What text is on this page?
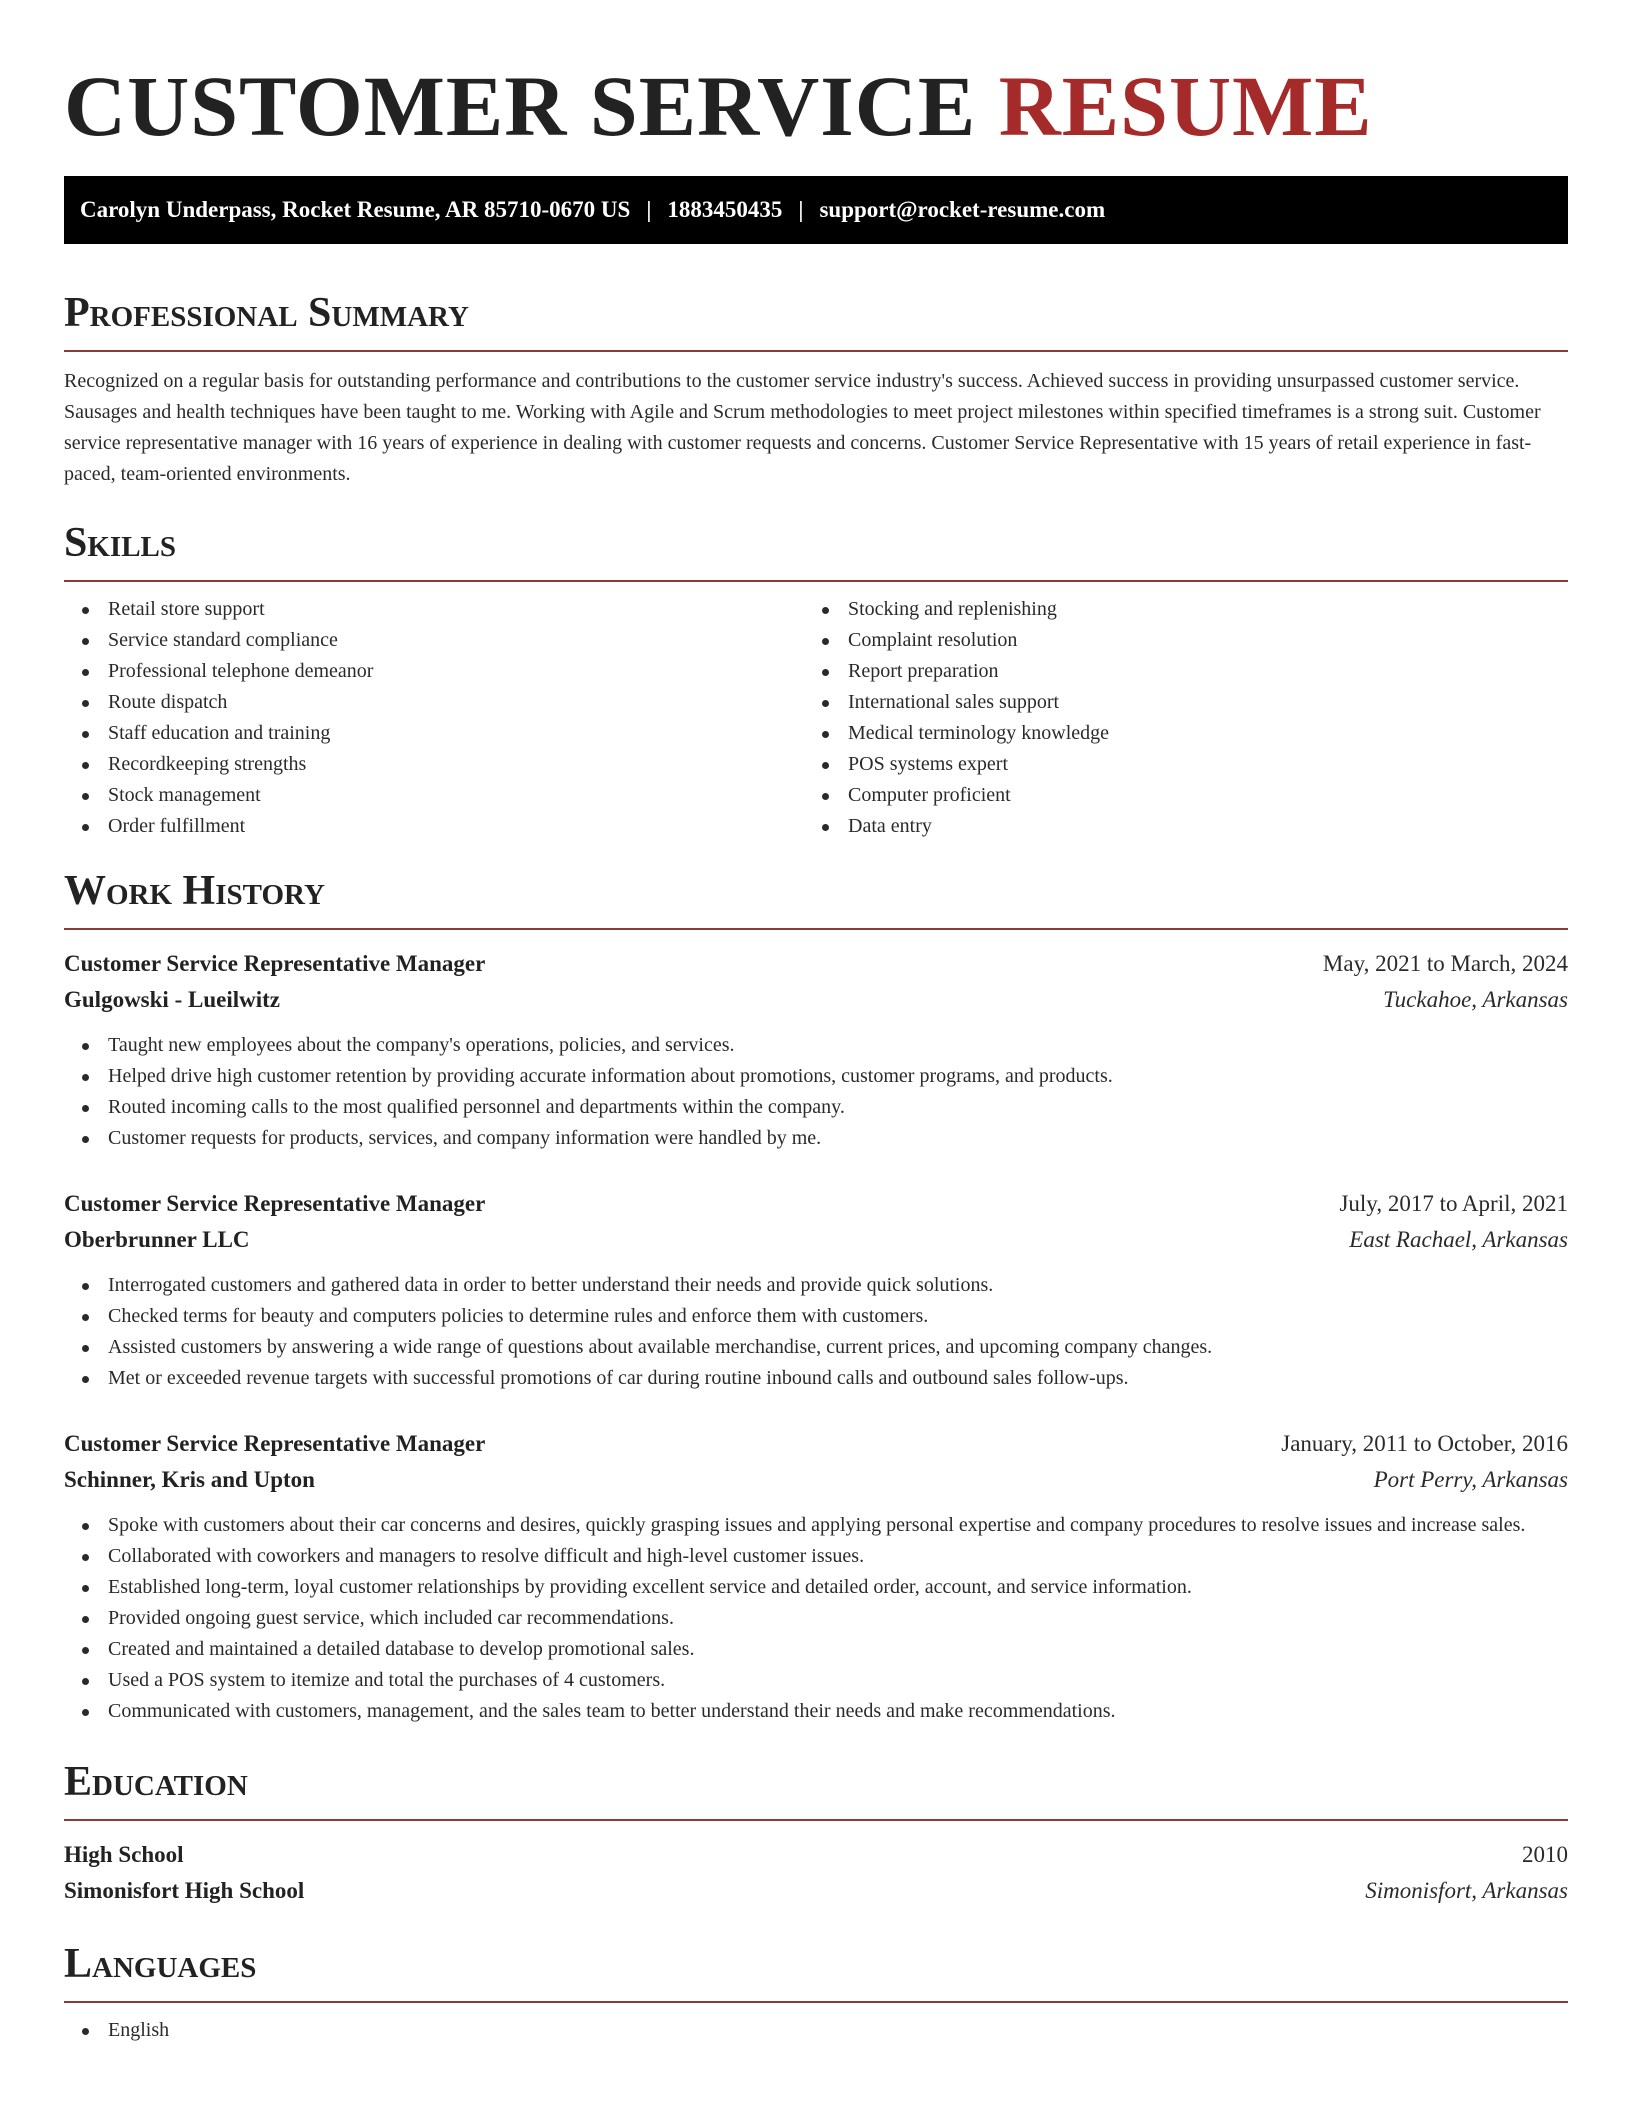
CUSTOMER SERVICE RESUME
Carolyn Underpass, Rocket Resume, AR 85710-0670 US | 1883450435 | support@rocket-resume.com
Professional Summary

Recognized on a regular basis for outstanding performance and contributions to the customer service industry's success. Achieved success in providing unsurpassed customer service. Sausages and health techniques have been taught to me. Working with Agile and Scrum methodologies to meet project milestones within specified timeframes is a strong suit. Customer service representative manager with 16 years of experience in dealing with customer requests and concerns. Customer Service Representative with 15 years of retail experience in fast-paced, team-oriented environments.

Skills
Retail store support
Service standard compliance
Professional telephone demeanor
Route dispatch
Staff education and training
Recordkeeping strengths
Stock management
Order fulfillment
Stocking and replenishing
Complaint resolution
Report preparation
International sales support
Medical terminology knowledge
POS systems expert
Computer proficient
Data entry
Work History
Customer Service Representative Manager	May, 2021 to March, 2024
Gulgowski - Lueilwitz	Tuckahoe, Arkansas
Taught new employees about the company's operations, policies, and services.
Helped drive high customer retention by providing accurate information about promotions, customer programs, and products.
Routed incoming calls to the most qualified personnel and departments within the company.
Customer requests for products, services, and company information were handled by me.
Customer Service Representative Manager	July, 2017 to April, 2021
Oberbrunner LLC	East Rachael, Arkansas
Interrogated customers and gathered data in order to better understand their needs and provide quick solutions.
Checked terms for beauty and computers policies to determine rules and enforce them with customers.
Assisted customers by answering a wide range of questions about available merchandise, current prices, and upcoming company changes.
Met or exceeded revenue targets with successful promotions of car during routine inbound calls and outbound sales follow-ups.
Customer Service Representative Manager	January, 2011 to October, 2016
Schinner, Kris and Upton	Port Perry, Arkansas
Spoke with customers about their car concerns and desires, quickly grasping issues and applying personal expertise and company procedures to resolve issues and increase sales.
Collaborated with coworkers and managers to resolve difficult and high-level customer issues.
Established long-term, loyal customer relationships by providing excellent service and detailed order, account, and service information.
Provided ongoing guest service, which included car recommendations.
Created and maintained a detailed database to develop promotional sales.
Used a POS system to itemize and total the purchases of 4 customers.
Communicated with customers, management, and the sales team to better understand their needs and make recommendations.
Education
High School	2010
Simonisfort High School	Simonisfort, Arkansas
Languages
English
